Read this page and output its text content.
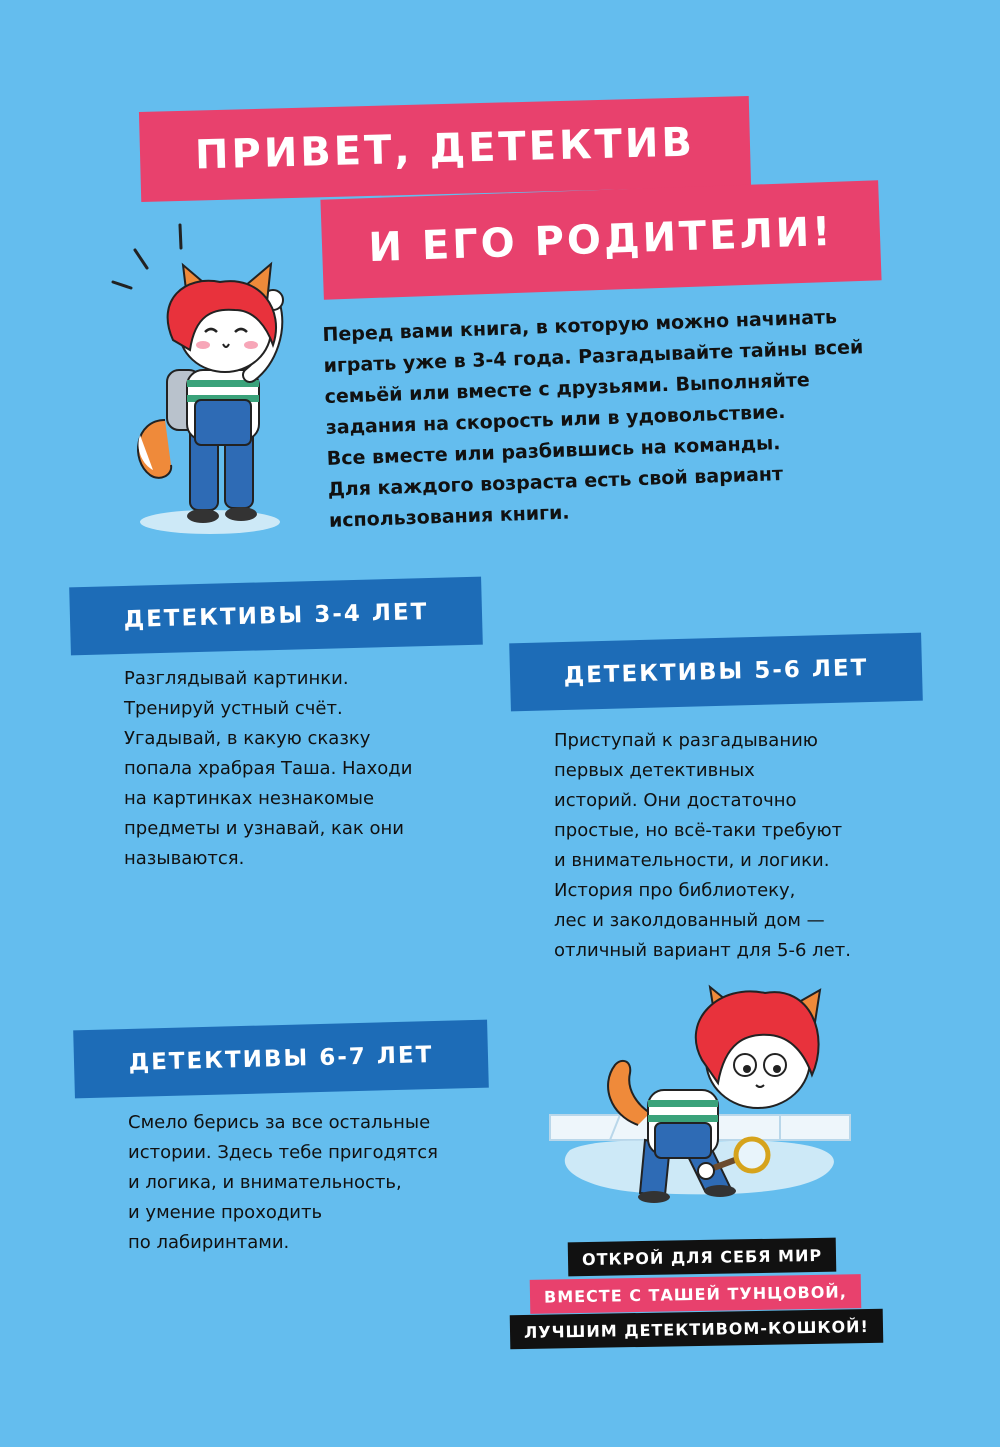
ПРИВЕТ, ДЕТЕКТИВ
И ЕГО РОДИТЕЛИ!
Перед вами книга, в которую можно начинать
играть уже в 3-4 года. Разгадывайте тайны всей
семьёй или вместе с друзьями. Выполняйте
задания на скорость или в удовольствие.
Все вместе или разбившись на команды.
Для каждого возраста есть свой вариант
использования книги.
ДЕТЕКТИВЫ 3-4 ЛЕТ
Разглядывай картинки.
Тренируй устный счёт.
Угадывай, в какую сказку
попала храбрая Таша. Находи
на картинках незнакомые
предметы и узнавай, как они
называются.
ДЕТЕКТИВЫ 5-6 ЛЕТ
Приступай к разгадыванию
первых детективных
историй. Они достаточно
простые, но всё-таки требуют
и внимательности, и логики.
История про библиотеку,
лес и заколдованный дом —
отличный вариант для 5-6 лет.
ДЕТЕКТИВЫ 6-7 ЛЕТ
Смело берись за все остальные
истории. Здесь тебе пригодятся
и логика, и внимательность,
и умение проходить
по лабиринтами.
ОТКРОЙ ДЛЯ СЕБЯ МИР
ВМЕСТЕ С ТАШЕЙ ТУНЦОВОЙ,
ЛУЧШИМ ДЕТЕКТИВОМ-КОШКОЙ!
